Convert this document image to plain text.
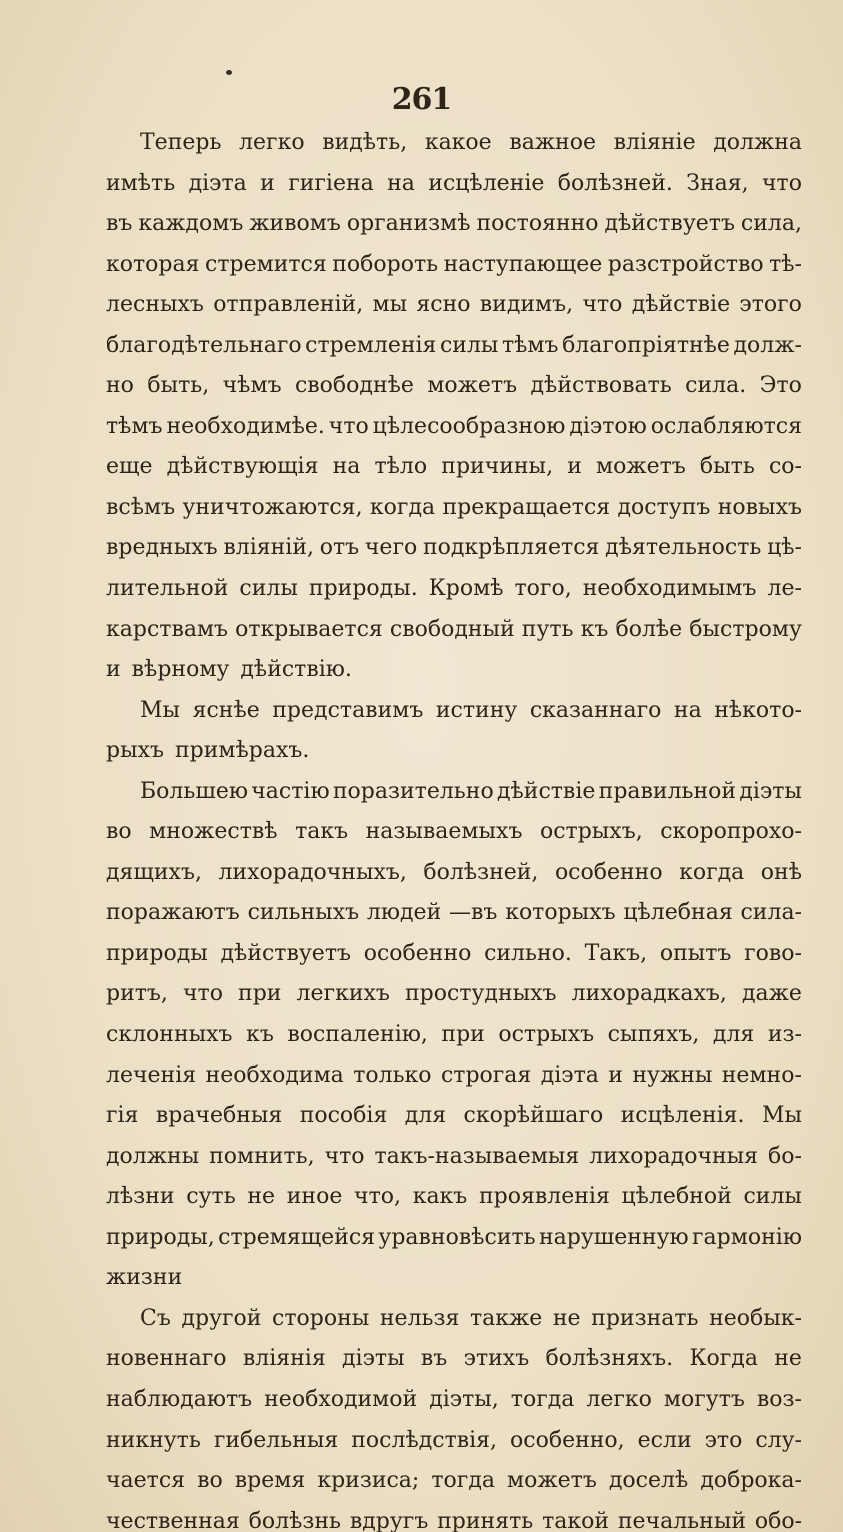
261
Теперь легко видѣть, какое важное вліяніе должна
имѣть діэта и гигіена на исцѣленіе болѣзней. Зная, что
въ каждомъ живомъ организмѣ постоянно дѣйствуетъ сила,
которая стремится побороть наступающее разстройство тѣ-
лесныхъ отправленій, мы ясно видимъ, что дѣйствіе этого
благодѣтельнаго стремленія силы тѣмъ благопріятнѣе долж-
но быть, чѣмъ свободнѣе можетъ дѣйствовать сила. Это
тѣмъ необходимѣе. что цѣлесообразною діэтою ослабляются
еще дѣйствующія на тѣло причины, и можетъ быть со-
всѣмъ уничтожаются, когда прекращается доступъ новыхъ
вредныхъ вліяній, отъ чего подкрѣпляется дѣятельность цѣ-
лительной силы природы. Кромѣ того, необходимымъ ле-
карствамъ открывается свободный путь къ болѣе быстрому
и вѣрному дѣйствію.
Мы яснѣе представимъ истину сказаннаго на нѣкото-
рыхъ примѣрахъ.
Большею частію поразительно дѣйствіе правильной діэты
во множествѣ такъ называемыхъ острыхъ, скоропрохо-
дящихъ, лихорадочныхъ, болѣзней, особенно когда онѣ
поражаютъ сильныхъ людей —въ которыхъ цѣлебная сила-
природы дѣйствуетъ особенно сильно. Такъ, опытъ гово-
ритъ, что при легкихъ простудныхъ лихорадкахъ, даже
склонныхъ къ воспаленію, при острыхъ сыпяхъ, для из-
леченія необходима только строгая діэта и нужны немно-
гія врачебныя пособія для скорѣйшаго исцѣленія. Мы
должны помнить, что такъ-называемыя лихорадочныя бо-
лѣзни суть не иное что, какъ проявленія цѣлебной силы
природы, стремящейся уравновѣсить нарушенную гармонію
жизни
Съ другой стороны нельзя также не признать необык-
новеннаго вліянія діэты въ этихъ болѣзняхъ. Когда не
наблюдаютъ необходимой діэты, тогда легко могутъ воз-
никнуть гибельныя послѣдствія, особенно, если это слу-
чается во время кризиса; тогда можетъ доселѣ доброка-
чественная болѣзнь вдругъ принять такой печальный обо-
